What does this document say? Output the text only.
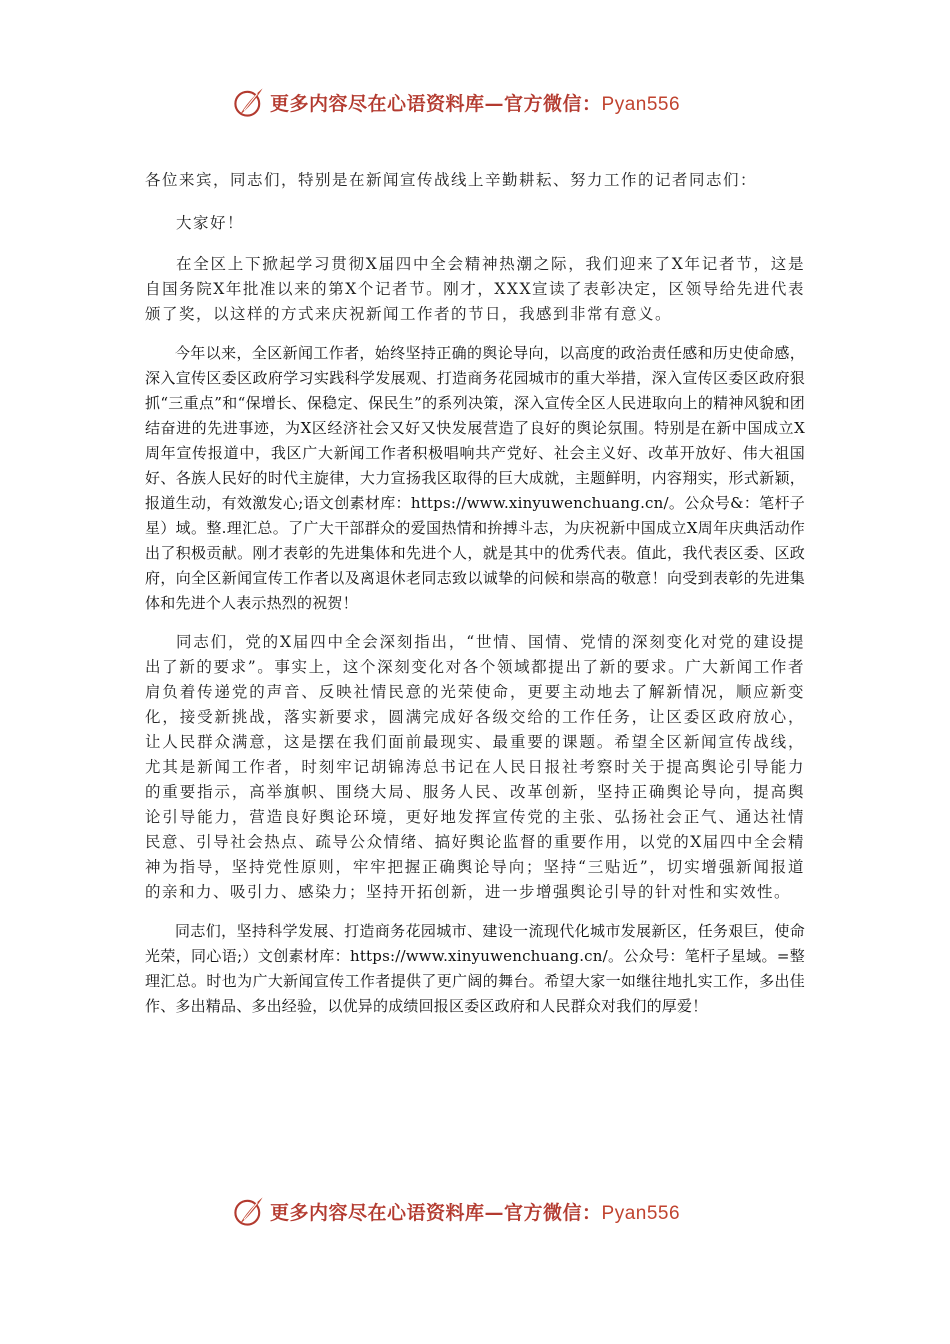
更多内容尽在心语资料库—官方微信：Pyan556

各位来宾，同志们，特别是在新闻宣传战线上辛勤耕耘、努力工作的记者同志们：

大家好！

在全区上下掀起学习贯彻X届四中全会精神热潮之际，我们迎来了X年记者节，这是自国务院X年批准以来的第X个记者节。刚才，XXX宣读了表彰决定，区领导给先进代表颁了奖，以这样的方式来庆祝新闻工作者的节日，我感到非常有意义。

今年以来，全区新闻工作者，始终坚持正确的舆论导向，以高度的政治责任感和历史使命感，深入宣传区委区政府学习实践科学发展观、打造商务花园城市的重大举措，深入宣传区委区政府狠抓“三重点”和“保增长、保稳定、保民生”的系列决策，深入宣传全区人民进取向上的精神风貌和团结奋进的先进事迹，为X区经济社会又好又快发展营造了良好的舆论氛围。特别是在新中国成立X周年宣传报道中，我区广大新闻工作者积极唱响共产党好、社会主义好、改革开放好、伟大祖国好、各族人民好的时代主旋律，大力宣扬我区取得的巨大成就，主题鲜明，内容翔实，形式新颖，报道生动，有效激发心;语文创素材库：https://www.xinyuwenchuang.cn/。公众号&：笔杆子星）域。整.理汇总。了广大干部群众的爱国热情和拚搏斗志，为庆祝新中国成立X周年庆典活动作出了积极贡献。刚才表彰的先进集体和先进个人，就是其中的优秀代表。值此，我代表区委、区政府，向全区新闻宣传工作者以及离退休老同志致以诚挚的问候和崇高的敬意！向受到表彰的先进集体和先进个人表示热烈的祝贺！

同志们，党的X届四中全会深刻指出，“世情、国情、党情的深刻变化对党的建设提出了新的要求”。事实上，这个深刻变化对各个领域都提出了新的要求。广大新闻工作者肩负着传递党的声音、反映社情民意的光荣使命，更要主动地去了解新情况，顺应新变化，接受新挑战，落实新要求，圆满完成好各级交给的工作任务，让区委区政府放心，让人民群众满意，这是摆在我们面前最现实、最重要的课题。希望全区新闻宣传战线，尤其是新闻工作者，时刻牢记胡锦涛总书记在人民日报社考察时关于提高舆论引导能力的重要指示，高举旗帜、围绕大局、服务人民、改革创新，坚持正确舆论导向，提高舆论引导能力，营造良好舆论环境，更好地发挥宣传党的主张、弘扬社会正气、通达社情民意、引导社会热点、疏导公众情绪、搞好舆论监督的重要作用，以党的X届四中全会精神为指导，坚持党性原则，牢牢把握正确舆论导向；坚持“三贴近”，切实增强新闻报道的亲和力、吸引力、感染力；坚持开拓创新，进一步增强舆论引导的针对性和实效性。

同志们，坚持科学发展、打造商务花园城市、建设一流现代化城市发展新区，任务艰巨，使命光荣，同心语;）文创素材库：https://www.xinyuwenchuang.cn/。公众号：笔杆子星域。=整理汇总。时也为广大新闻宣传工作者提供了更广阔的舞台。希望大家一如继往地扎实工作，多出佳作、多出精品、多出经验，以优异的成绩回报区委区政府和人民群众对我们的厚爱！

更多内容尽在心语资料库—官方微信：Pyan556
